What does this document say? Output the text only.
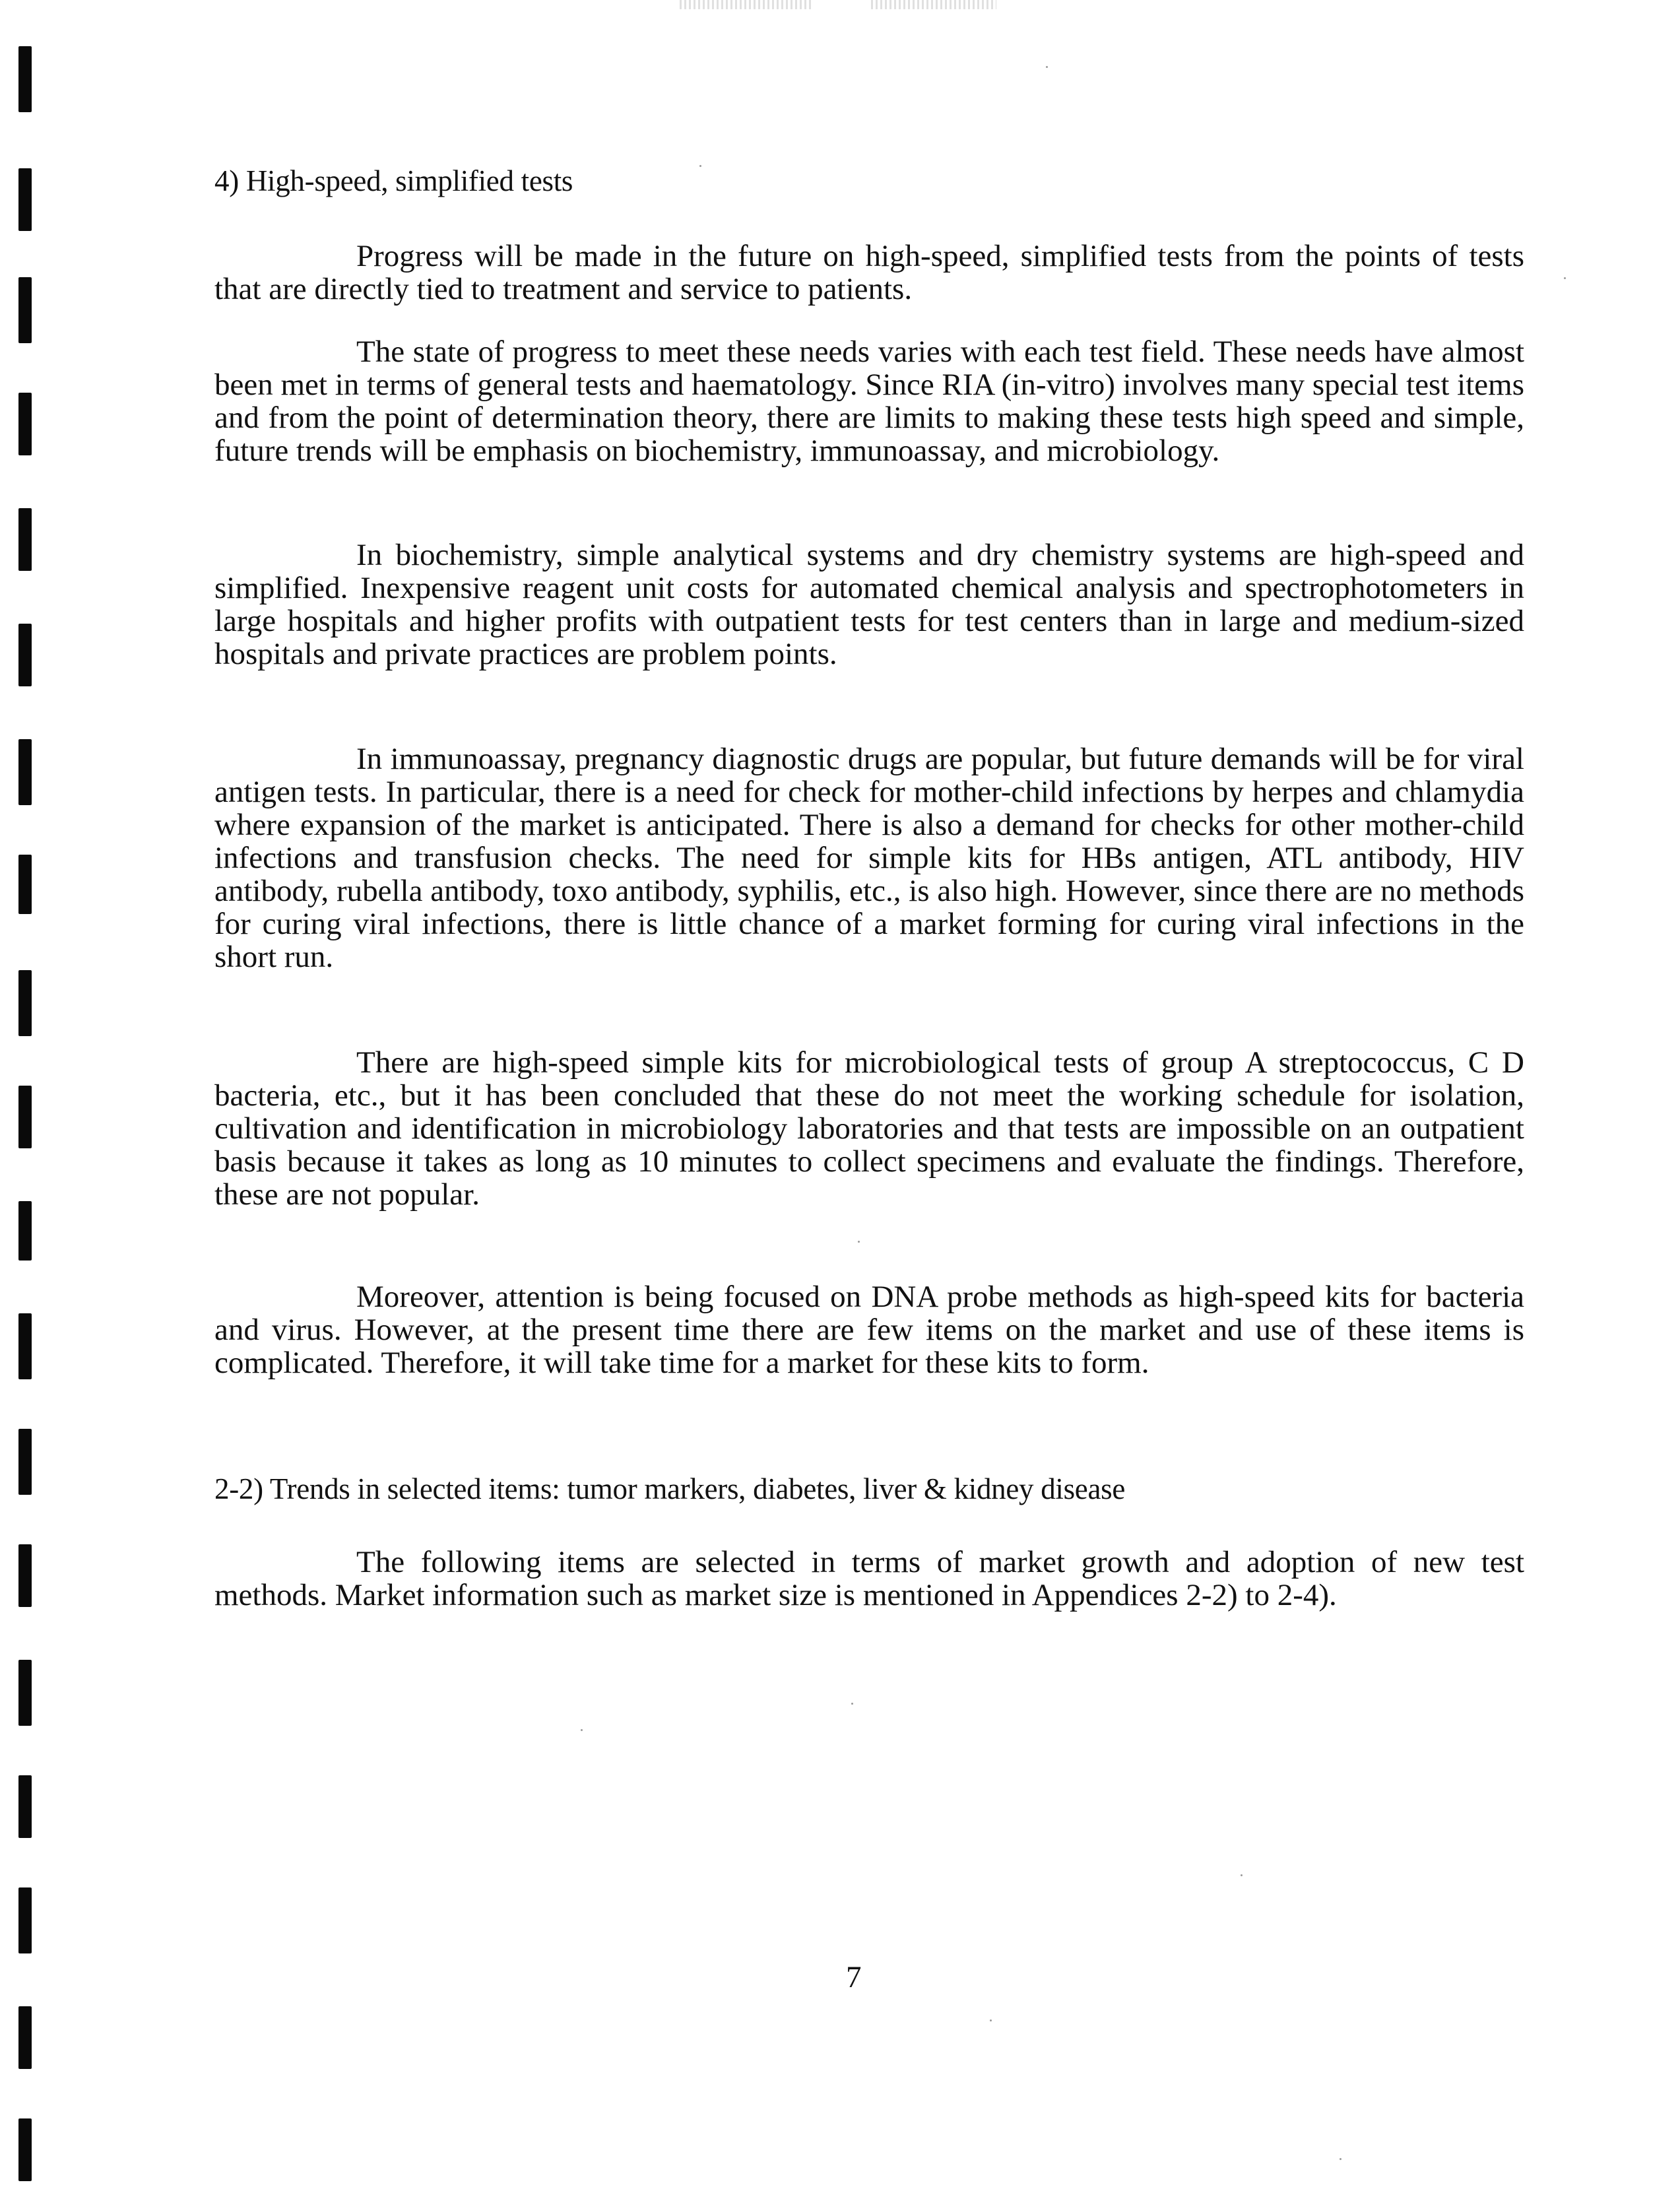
4) High-speed, simplified tests

Progress will be made in the future on high-speed, simplified tests from the points of tests that are directly tied to treatment and service to patients.

The state of progress to meet these needs varies with each test field. These needs have almost been met in terms of general tests and haematology. Since RIA (in-vitro) involves many special test items and from the point of determination theory, there are limits to making these tests high speed and simple, future trends will be emphasis on biochemistry, immunoassay, and microbiology.

In biochemistry, simple analytical systems and dry chemistry systems are high-speed and simplified. Inexpensive reagent unit costs for automated chemical analysis and spectrophotometers in large hospitals and higher profits with outpatient tests for test centers than in large and medium-sized hospitals and private practices are problem points.

In immunoassay, pregnancy diagnostic drugs are popular, but future demands will be for viral antigen tests. In particular, there is a need for check for mother-child infections by herpes and chlamydia where expansion of the market is anticipated. There is also a demand for checks for other mother-child infections and transfusion checks. The need for simple kits for HBs antigen, ATL antibody, HIV antibody, rubella antibody, toxo antibody, syphilis, etc., is also high. However, since there are no methods for curing viral infections, there is little chance of a market forming for curing viral infections in the short run.

There are high-speed simple kits for microbiological tests of group A streptococcus, C D bacteria, etc., but it has been concluded that these do not meet the working schedule for isolation, cultivation and identification in microbiology laboratories and that tests are impossible on an outpatient basis because it takes as long as 10 minutes to collect specimens and evaluate the findings. Therefore, these are not popular.

Moreover, attention is being focused on DNA probe methods as high-speed kits for bacteria and virus. However, at the present time there are few items on the market and use of these items is complicated. Therefore, it will take time for a market for these kits to form.

2-2) Trends in selected items: tumor markers, diabetes, liver & kidney disease

The following items are selected in terms of market growth and adoption of new test methods. Market information such as market size is mentioned in Appendices 2-2) to 2-4).

7
